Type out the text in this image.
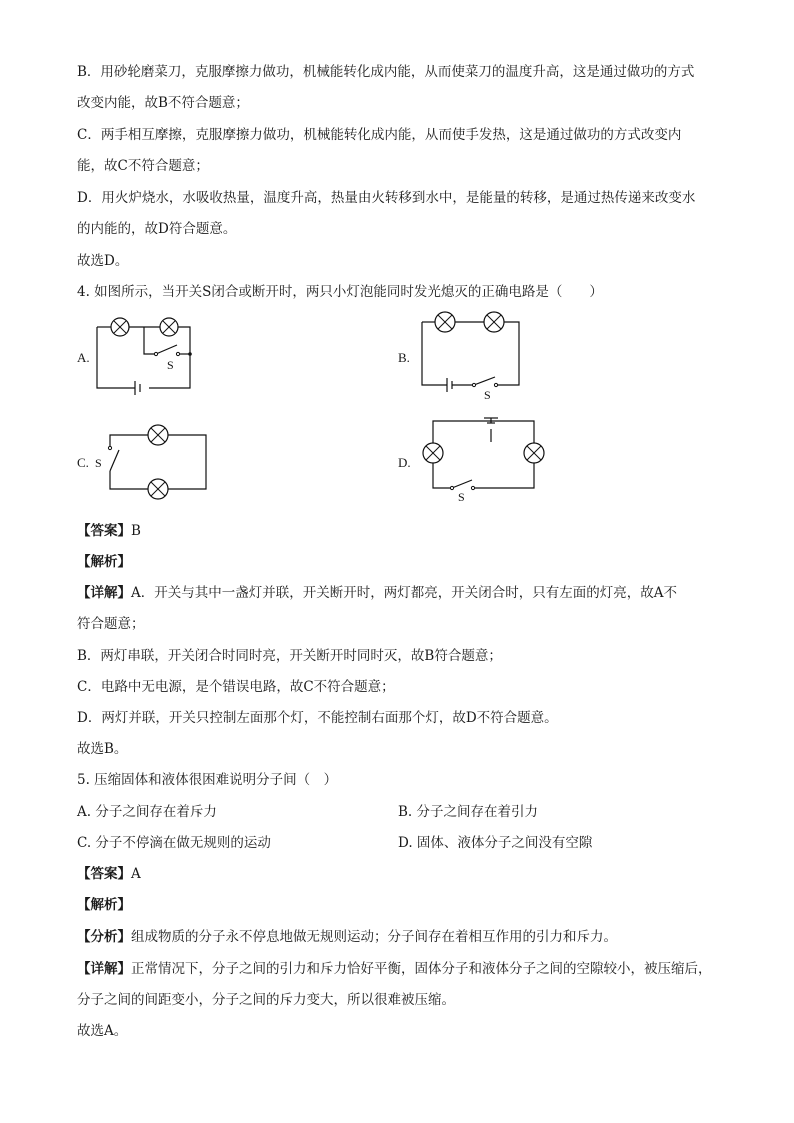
B．用砂轮磨菜刀，克服摩擦力做功，机械能转化成内能，从而使菜刀的温度升高，这是通过做功的方式
改变内能，故B不符合题意；
C．两手相互摩擦，克服摩擦力做功，机械能转化成内能，从而使手发热，这是通过做功的方式改变内
能，故C不符合题意；
D．用火炉烧水，水吸收热量，温度升高，热量由火转移到水中，是能量的转移，是通过热传递来改变水
的内能的，故D符合题意。
故选D。
4. 如图所示，当开关S闭合或断开时，两只小灯泡能同时发光熄灭的正确电路是（　　）
A.	B.
C.	D.
S
S
S
S
【答案】B
【解析】
【详解】A．开关与其中一盏灯并联，开关断开时，两灯都亮，开关闭合时，只有左面的灯亮，故A不
符合题意；
B．两灯串联，开关闭合时同时亮，开关断开时同时灭，故B符合题意；
C．电路中无电源，是个错误电路，故C不符合题意；
D．两灯并联，开关只控制左面那个灯，不能控制右面那个灯，故D不符合题意。
故选B。
5. 压缩固体和液体很困难说明分子间（　）
A. 分子之间存在着斥力	B. 分子之间存在着引力
C. 分子不停滴在做无规则的运动	D. 固体、液体分子之间没有空隙
【答案】A
【解析】
【分析】组成物质的分子永不停息地做无规则运动；分子间存在着相互作用的引力和斥力。
【详解】正常情况下，分子之间的引力和斥力恰好平衡，固体分子和液体分子之间的空隙较小，被压缩后，
分子之间的间距变小，分子之间的斥力变大，所以很难被压缩。
故选A。
